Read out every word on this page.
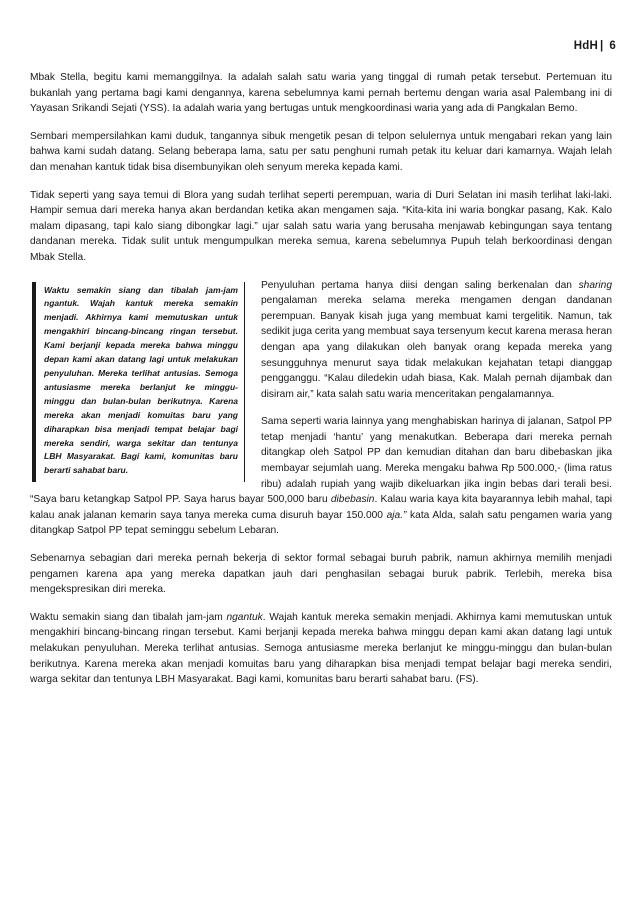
HdH | 6

Mbak Stella, begitu kami memanggilnya. Ia adalah salah satu waria yang tinggal di rumah petak tersebut. Pertemuan itu bukanlah yang pertama bagi kami dengannya, karena sebelumnya kami pernah bertemu dengan waria asal Palembang ini di Yayasan Srikandi Sejati (YSS). Ia adalah waria yang bertugas untuk mengkoordinasi waria yang ada di Pangkalan Bemo.

Sembari mempersilahkan kami duduk, tangannya sibuk mengetik pesan di telpon selulernya untuk mengabari rekan yang lain bahwa kami sudah datang. Selang beberapa lama, satu per satu penghuni rumah petak itu keluar dari kamarnya. Wajah lelah dan menahan kantuk tidak bisa disembunyikan oleh senyum mereka kepada kami.

Tidak seperti yang saya temui di Blora yang sudah terlihat seperti perempuan, waria di Duri Selatan ini masih terlihat laki-laki. Hampir semua dari mereka hanya akan berdandan ketika akan mengamen saja. “Kita-kita ini waria bongkar pasang, Kak. Kalo malam dipasang, tapi kalo siang dibongkar lagi.” ujar salah satu waria yang berusaha menjawab kebingungan saya tentang dandanan mereka. Tidak sulit untuk mengumpulkan mereka semua, karena sebelumnya Pupuh telah berkoordinasi dengan Mbak Stella.

Waktu semakin siang dan tibalah jam-jam ngantuk. Wajah kantuk mereka semakin menjadi. Akhirnya kami memutuskan untuk mengakhiri bincang-bincang ringan tersebut. Kami berjanji kepada mereka bahwa minggu depan kami akan datang lagi untuk melakukan penyuluhan. Mereka terlihat antusias. Semoga antusiasme mereka berlanjut ke minggu-minggu dan bulan-bulan berikutnya. Karena mereka akan menjadi komuitas baru yang diharapkan bisa menjadi tempat belajar bagi mereka sendiri, warga sekitar dan tentunya LBH Masyarakat. Bagi kami, komunitas baru berarti sahabat baru.

Penyuluhan pertama hanya diisi dengan saling berkenalan dan sharing pengalaman mereka selama mereka mengamen dengan dandanan perempuan. Banyak kisah juga yang membuat kami tergelitik. Namun, tak sedikit juga cerita yang membuat saya tersenyum kecut karena merasa heran dengan apa yang dilakukan oleh banyak orang kepada mereka yang sesungguhnya menurut saya tidak melakukan kejahatan tetapi dianggap pengganggu. “Kalau diledekin udah biasa, Kak. Malah pernah dijambak dan disiram air,” kata salah satu waria menceritakan pengalamannya.

Sama seperti waria lainnya yang menghabiskan harinya di jalanan, Satpol PP tetap menjadi ‘hantu’ yang menakutkan. Beberapa dari mereka pernah ditangkap oleh Satpol PP dan kemudian ditahan dan baru dibebaskan jika membayar sejumlah uang. Mereka mengaku bahwa Rp 500.000,- (lima ratus ribu) adalah rupiah yang wajib dikeluarkan jika ingin bebas dari terali besi. “Saya baru ketangkap Satpol PP. Saya harus bayar 500,000 baru dibebasin. Kalau waria kaya kita bayarannya lebih mahal, tapi kalau anak jalanan kemarin saya tanya mereka cuma disuruh bayar 150.000 aja.” kata Alda, salah satu pengamen waria yang ditangkap Satpol PP tepat seminggu sebelum Lebaran.

Sebenarnya sebagian dari mereka pernah bekerja di sektor formal sebagai buruh pabrik, namun akhirnya memilih menjadi pengamen karena apa yang mereka dapatkan jauh dari penghasilan sebagai buruk pabrik. Terlebih, mereka bisa mengekspresikan diri mereka.

Waktu semakin siang dan tibalah jam-jam ngantuk. Wajah kantuk mereka semakin menjadi. Akhirnya kami memutuskan untuk mengakhiri bincang-bincang ringan tersebut. Kami berjanji kepada mereka bahwa minggu depan kami akan datang lagi untuk melakukan penyuluhan. Mereka terlihat antusias. Semoga antusiasme mereka berlanjut ke minggu-minggu dan bulan-bulan berikutnya. Karena mereka akan menjadi komuitas baru yang diharapkan bisa menjadi tempat belajar bagi mereka sendiri, warga sekitar dan tentunya LBH Masyarakat. Bagi kami, komunitas baru berarti sahabat baru. (FS).
